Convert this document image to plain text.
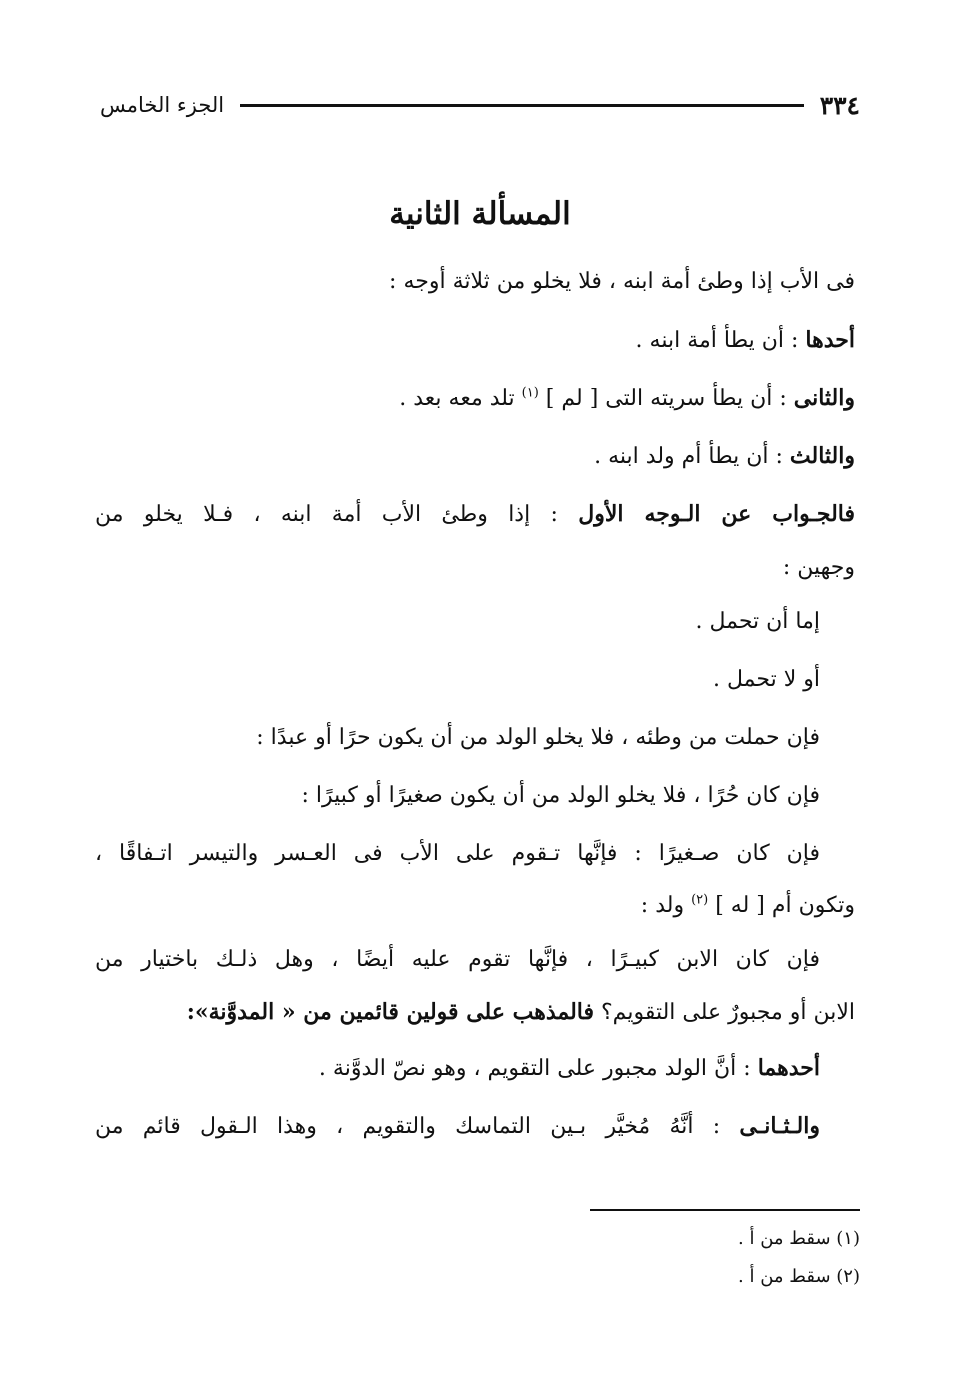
٣٣٤
الجزء الخامس
المسألة الثانية
فى الأب إذا وطئ أمة ابنه ، فلا يخلو من ثلاثة أوجه :
أحدها : أن يطأ أمة ابنه .
والثانى : أن يطأ سريته التى [ لم ] $^{(١)}$ تلد معه بعد .
والثالث : أن يطأ أم ولد ابنه .
فالجـواب عن الـوجه الأول : إذا وطئ الأب أمة ابنه ، فـلا يخلو من
وجهين :
إما أن تحمل .
أو لا تحمل .
فإن حملت من وطئه ، فلا يخلو الولد من أن يكون حرًا أو عبدًا :
فإن كان حُرًا ، فلا يخلو الولد من أن يكون صغيرًا أو كبيرًا :
فإن كان صـغيرًا : فإنَّها تـقوم على الأب فى العـسر والتيسر اتـفاقًا ،
وتكون أم [ له ] $^{(٢)}$ ولد :
فإن كان الابن كبيـرًا ، فإنَّها تقوم عليه أيضًا ، وهل ذلـك باختيار من
الابن أو مجبورٌ على التقويم؟ فالمذهب على قولين قائمين من « المدوَّنة»:
أحدهما : أنَّ الولد مجبور على التقويم ، وهو نصّ الدوَّنة .
والـثـانـى : أنَّهُ مُخيَّر بـين التماسك والتقويم ، وهذا الـقول قائم من
(١) سقط من أ .
(٢) سقط من أ .
